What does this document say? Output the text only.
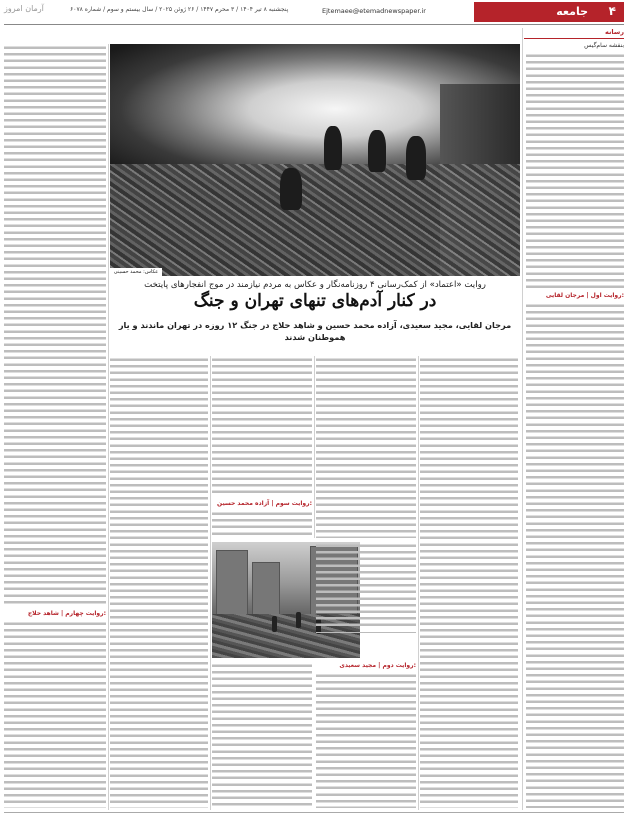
آرمان امروز	پنجشنبه ۸ تیر ۱۴۰۴ / ۳ محرم ۱۴۴۷ / ۲۶ ژوئن ۲۰۲۵ / سال بیستم و سوم / شماره ۶۰۷۸	Ejtemaee@etemadnewspaper.ir	جامعه ۴
رسانه
بنفشه سام‌گیس
روایت اول | مرجان لقایی:
روایت چهارم | شاهد حلاج:
عکاس: محمد حسینی
روایت «اعتماد» از کمک‌رسانی ۴ روزنامه‌نگار و عکاس به مردم نیازمند در موج انفجارهای پایتخت
در کنار آدم‌های تنهای تهران و جنگ
مرجان لقایی، مجید سعیدی، آزاده محمد حسین و شاهد حلاج در جنگ ۱۲ روزه در تهران ماندند و یار هموطنان شدند
روایت سوم | آزاده محمد حسین:
روایت دوم | مجید سعیدی:
